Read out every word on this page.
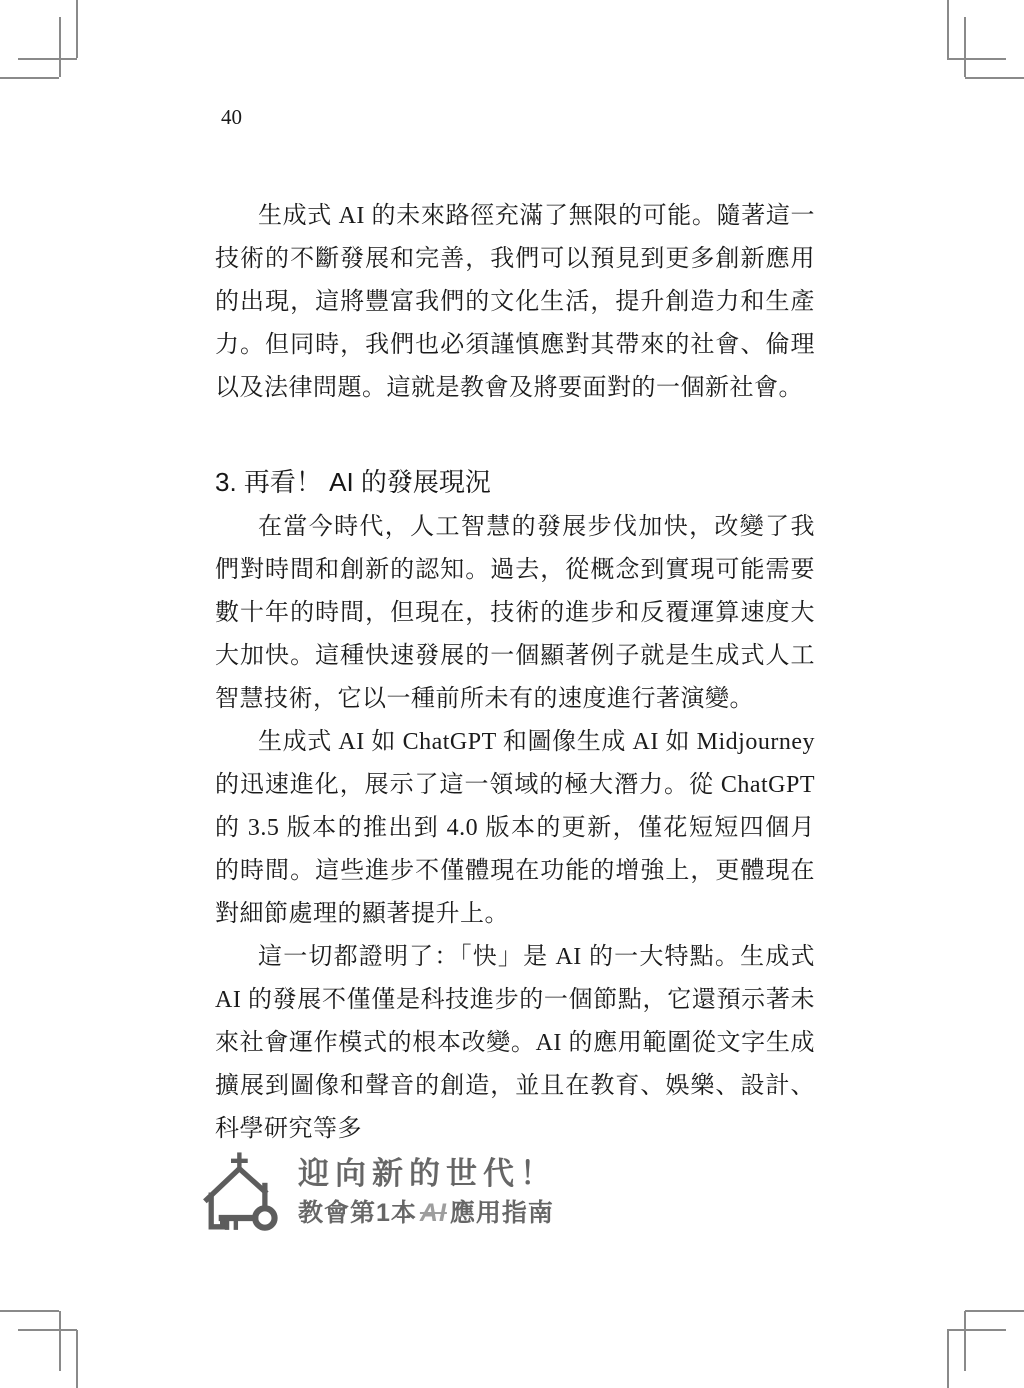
40

生成式 AI 的未來路徑充滿了無限的可能。隨著這一技術的不斷發展和完善，我們可以預見到更多創新應用的出現，這將豐富我們的文化生活，提升創造力和生產力。但同時，我們也必須謹慎應對其帶來的社會、倫理以及法律問題。這就是教會及將要面對的一個新社會。

3. 再看！ AI 的發展現況

在當今時代，人工智慧的發展步伐加快，改變了我們對時間和創新的認知。過去，從概念到實現可能需要數十年的時間，但現在，技術的進步和反覆運算速度大大加快。這種快速發展的一個顯著例子就是生成式人工智慧技術，它以一種前所未有的速度進行著演變。

生成式 AI 如 ChatGPT 和圖像生成 AI 如 Midjourney 的迅速進化，展示了這一領域的極大潛力。從 ChatGPT 的 3.5 版本的推出到 4.0 版本的更新，僅花短短四個月的時間。這些進步不僅體現在功能的增強上，更體現在對細節處理的顯著提升上。

這一切都證明了：「快」是 AI 的一大特點。生成式 AI 的發展不僅僅是科技進步的一個節點，它還預示著未來社會運作模式的根本改變。AI 的應用範圍從文字生成擴展到圖像和聲音的創造，並且在教育、娛樂、設計、科學研究等多

迎向新的世代！
教會第1本 AI 應用指南
